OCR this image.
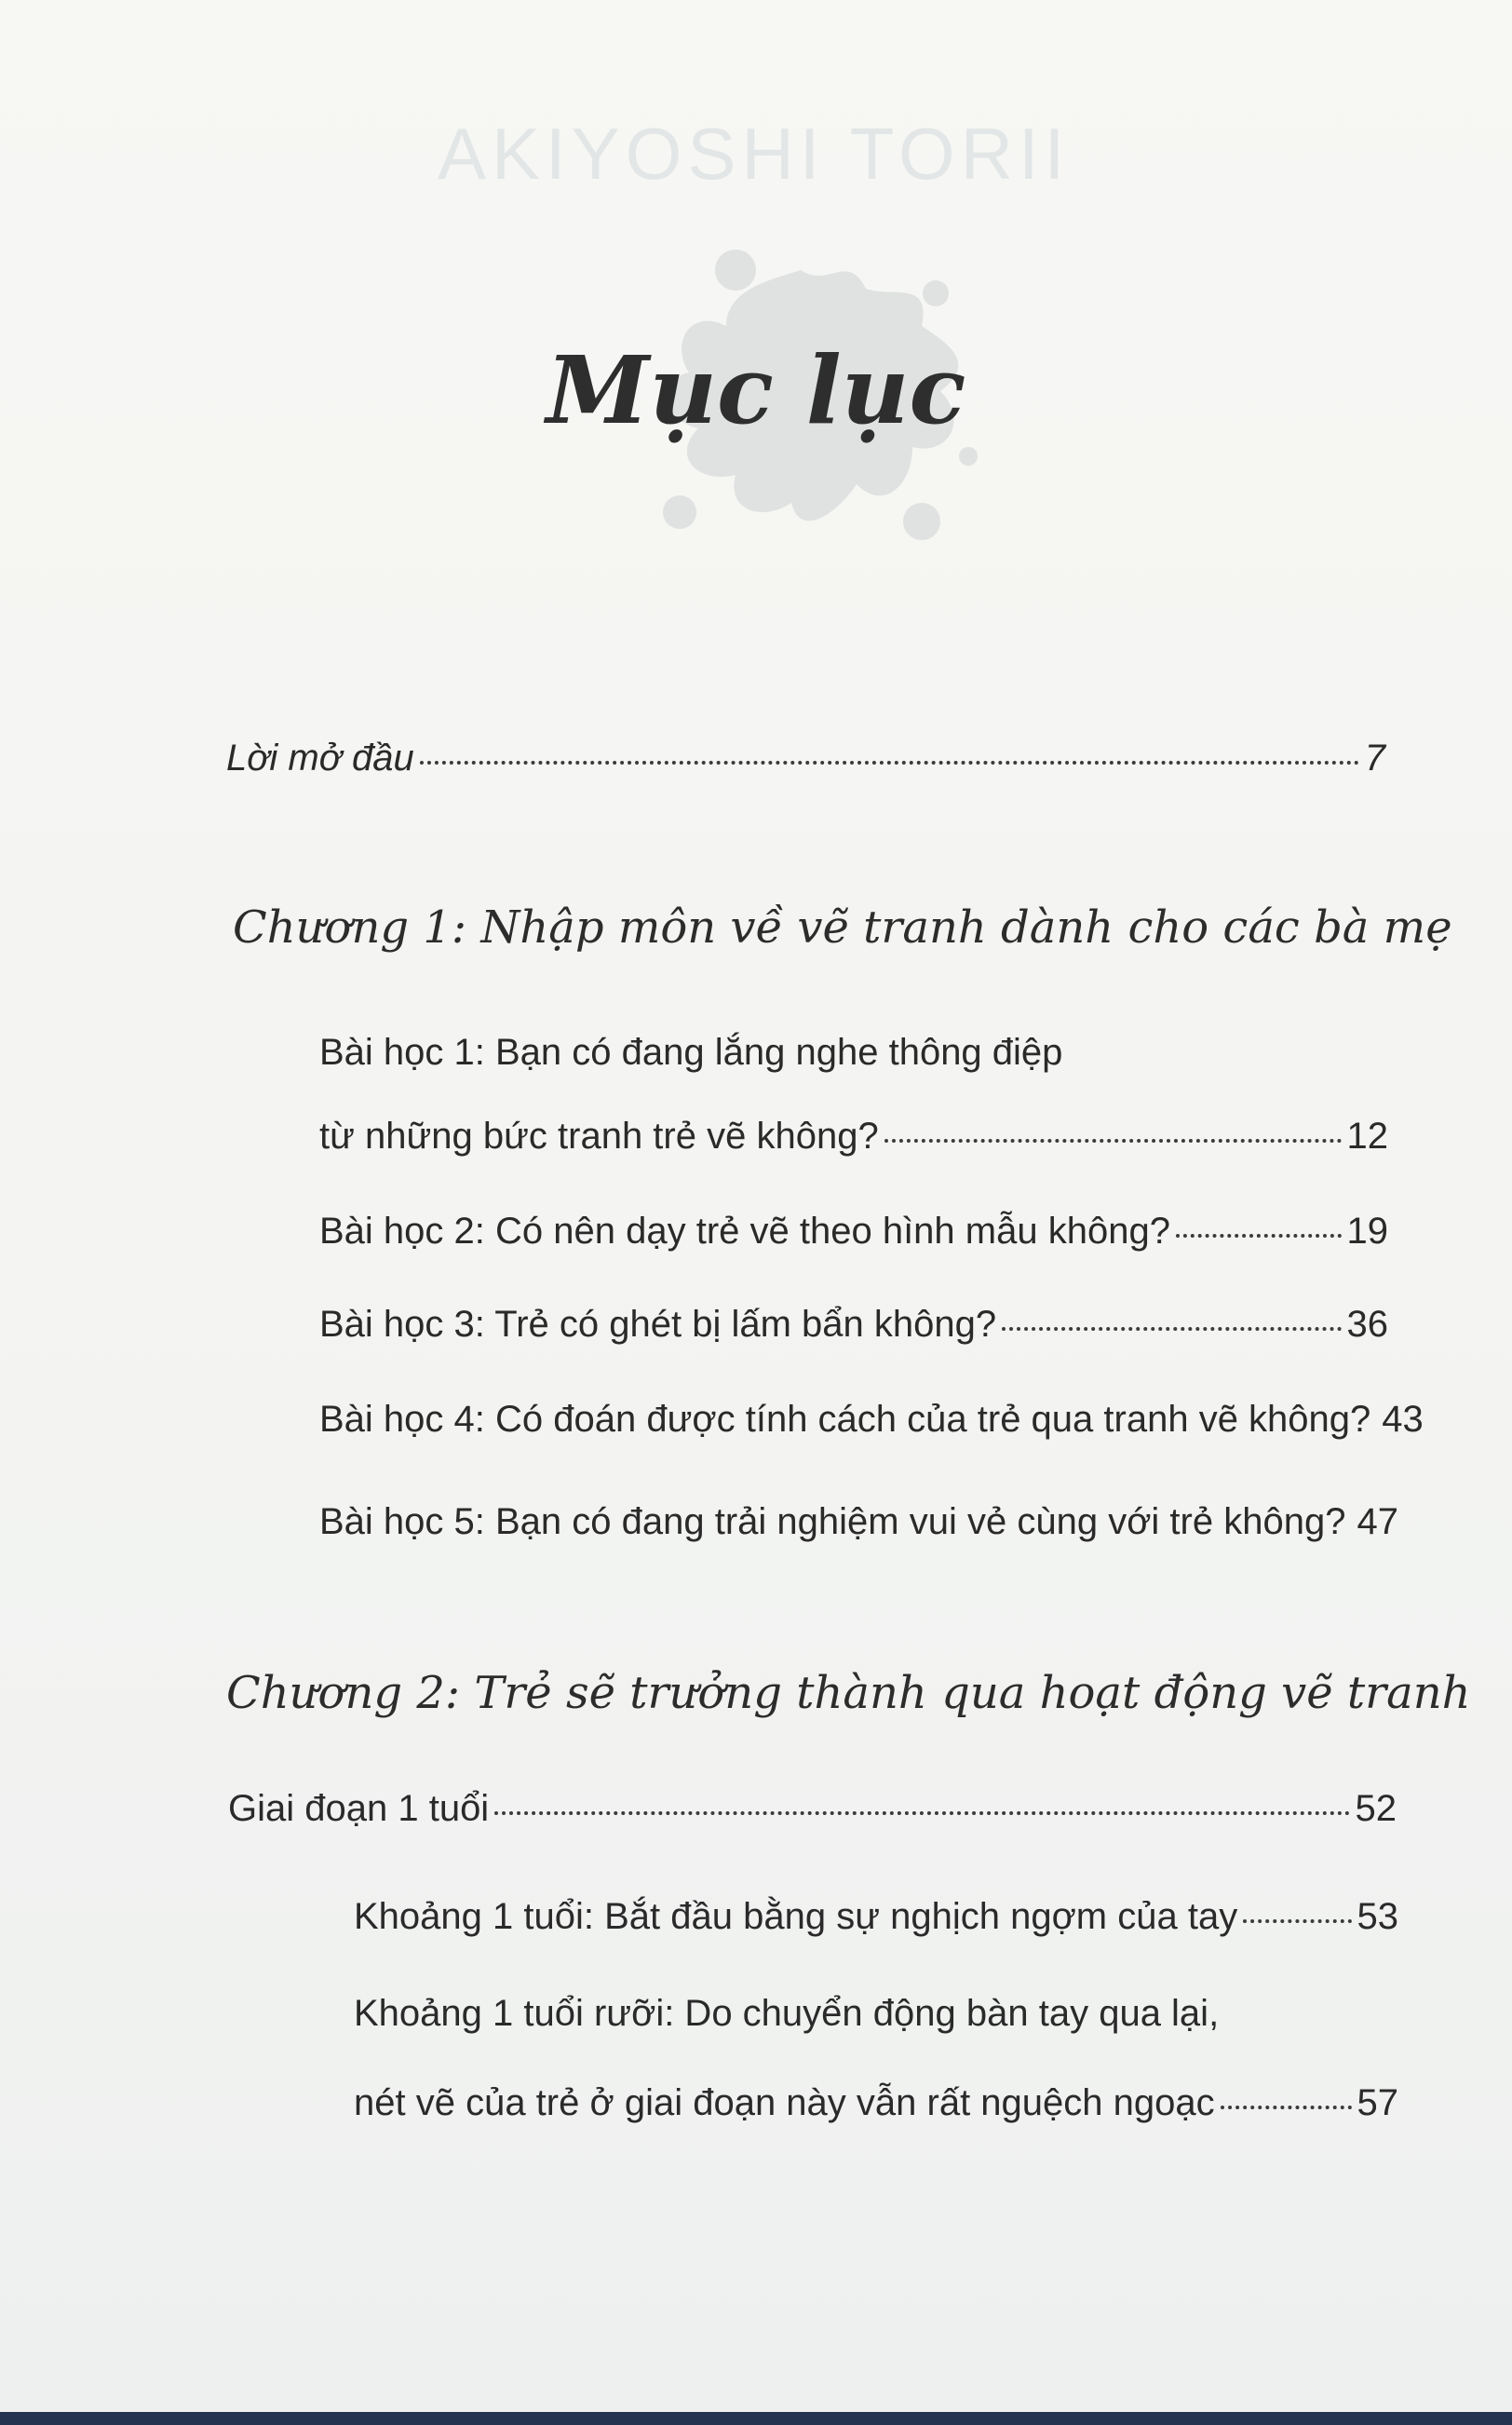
AKIYOSHI TORII
Mục lục
Lời mở đầu	7
Chương 1: Nhập môn về vẽ tranh dành cho các bà mẹ
Bài học 1: Bạn có đang lắng nghe thông điệp
từ những bức tranh trẻ vẽ không?	12
Bài học 2: Có nên dạy trẻ vẽ theo hình mẫu không?	19
Bài học 3: Trẻ có ghét bị lấm bẩn không?	36
Bài học 4: Có đoán được tính cách của trẻ qua tranh vẽ không? 43
Bài học 5: Bạn có đang trải nghiệm vui vẻ cùng với trẻ không? 47
Chương 2: Trẻ sẽ trưởng thành qua hoạt động vẽ tranh
Giai đoạn 1 tuổi	52
Khoảng 1 tuổi: Bắt đầu bằng sự nghịch ngợm của tay	53
Khoảng 1 tuổi rưỡi: Do chuyển động bàn tay qua lại,
nét vẽ của trẻ ở giai đoạn này vẫn rất nguệch ngoạc	57
